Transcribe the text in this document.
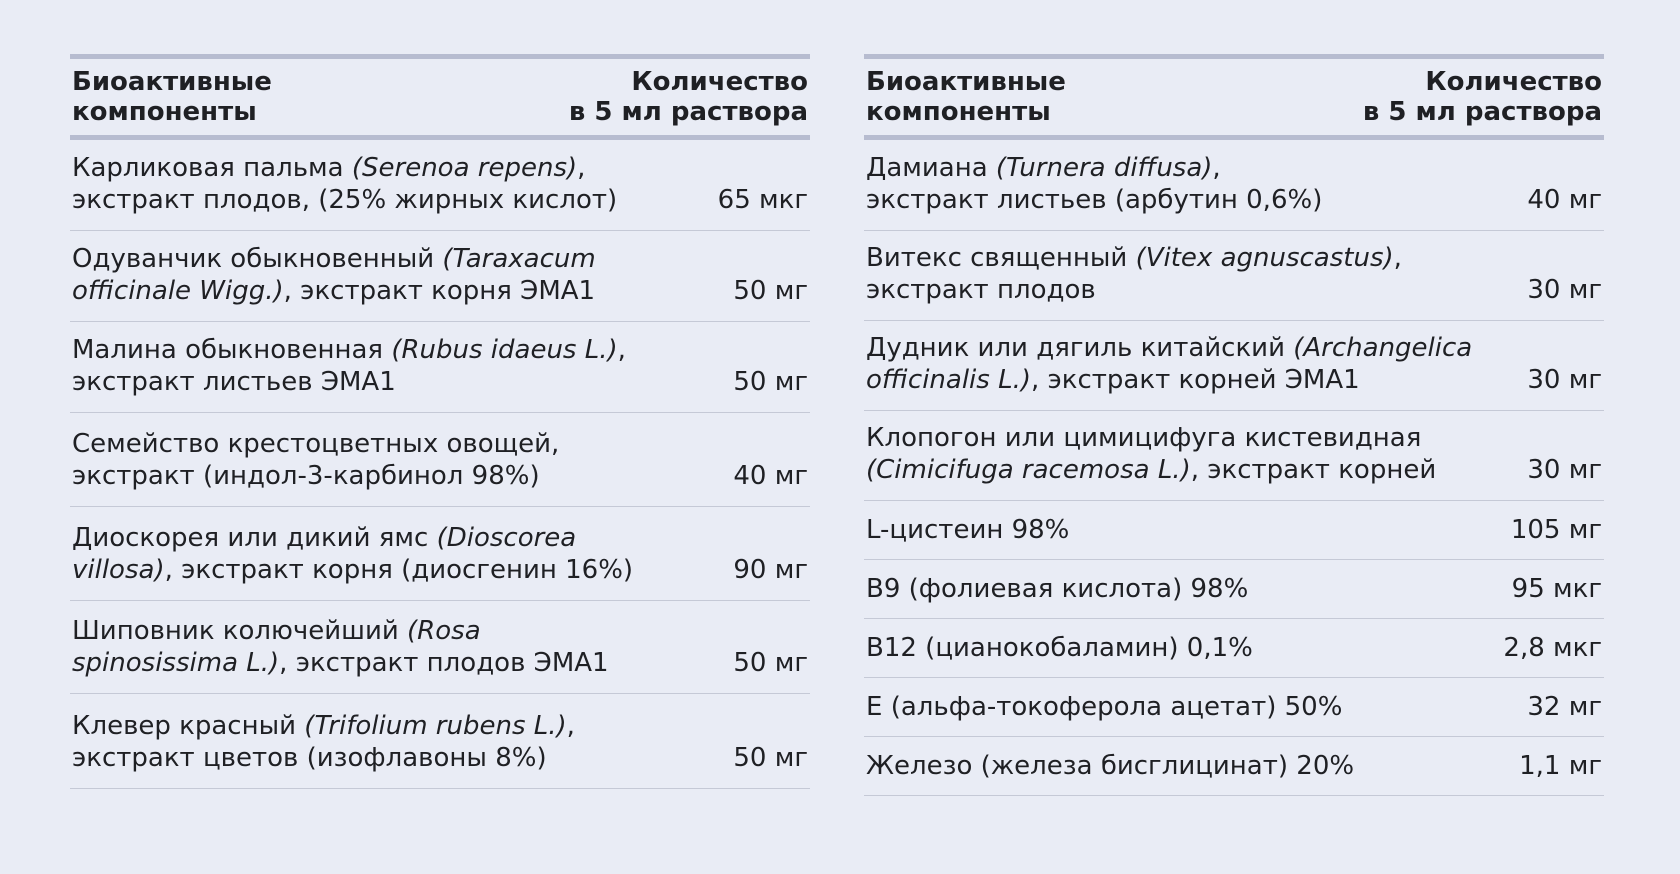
Биоактивные
компоненты
Количество
в 5 мл раствора
Карликовая пальма (Serenoa repens),
экстракт плодов, (25% жирных кислот)	65 мкг
Одуванчик обыкновенный (Taraxacum
officinale Wigg.), экстракт корня ЭМА1	50 мг
Малина обыкновенная (Rubus idaeus L.),
экстракт листьев ЭМА1	50 мг
Семейство крестоцветных овощей,
экстракт (индол-3-карбинол 98%)	40 мг
Диоскорея или дикий ямс (Dioscorea
villosa), экстракт корня (диосгенин 16%)	90 мг
Шиповник колючейший (Rosa
spinosissima L.), экстракт плодов ЭМА1	50 мг
Клевер красный (Trifolium rubens L.),
экстракт цветов (изофлавоны 8%)	50 мг
Биоактивные
компоненты
Количество
в 5 мл раствора
Дамиана (Turnera diffusa),
экстракт листьев (арбутин 0,6%)	40 мг
Витекс священный (Vitex agnuscastus),
экстракт плодов	30 мг
Дудник или дягиль китайский (Archangelica
officinalis L.), экстракт корней ЭМА1	30 мг
Клопогон или цимицифуга кистевидная
(Cimicifuga racemosa L.), экстракт корней	30 мг
L-цистеин 98%	105 мг
B9 (фолиевая кислота) 98%	95 мкг
B12 (цианокобаламин) 0,1%	2,8 мкг
E (альфа-токоферола ацетат) 50%	32 мг
Железо (железа бисглицинат) 20%	1,1 мг
